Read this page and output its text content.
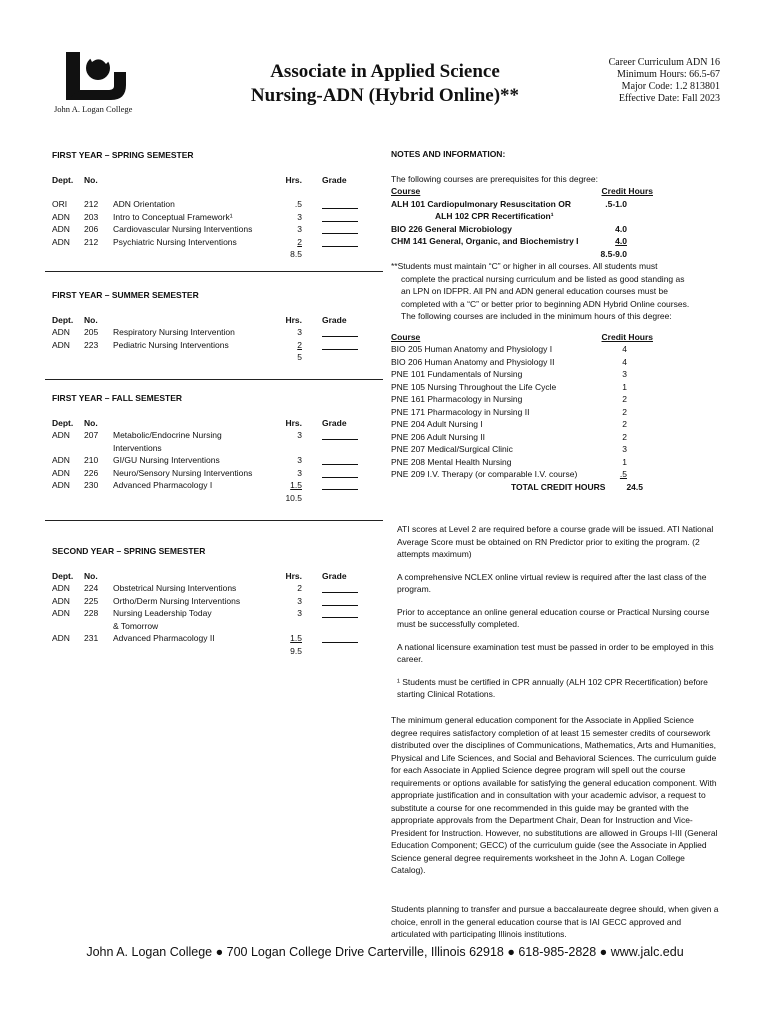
John A. Logan College
Associate in Applied Science
Nursing-ADN (Hybrid Online)**
Career Curriculum ADN 16
Minimum Hours: 66.5-67
Major Code: 1.2 813801
Effective Date: Fall 2023
FIRST YEAR – SPRING SEMESTER
Dept.	No.	Hrs. Grade
ORI	212	ADN Orientation	.5
ADN	203	Intro to Conceptual Framework¹	3
ADN	206	Cardiovascular Nursing Interventions	3
ADN	212	Psychiatric Nursing Interventions	2
8.5
FIRST YEAR – SUMMER SEMESTER
Dept.	No.	Hrs. Grade
ADN	205	Respiratory Nursing Intervention	3
ADN	223	Pediatric Nursing Interventions	2
5
FIRST YEAR – FALL SEMESTER
Dept.	No.	Hrs. Grade
ADN	207	Metabolic/Endocrine Nursing	3
Interventions
ADN	210	GI/GU Nursing Interventions	3
ADN	226	Neuro/Sensory Nursing Interventions	3
ADN	230	Advanced Pharmacology I	1.5
10.5
SECOND YEAR – SPRING SEMESTER
Dept.	No.	Hrs. Grade
ADN	224	Obstetrical Nursing Interventions	2
ADN	225	Ortho/Derm Nursing Interventions	3
ADN	228	Nursing Leadership Today	3
& Tomorrow
ADN	231	Advanced Pharmacology II	1.5
9.5
NOTES AND INFORMATION:
The following courses are prerequisites for this degree:
Course	Credit Hours
ALH 101 Cardiopulmonary Resuscitation OR	.5-1.0
ALH 102 CPR Recertification¹
BIO 226 General Microbiology	4.0
CHM 141 General, Organic, and Biochemistry I	4.0
8.5-9.0
**Students must maintain “C” or higher in all courses. All students must complete the practical nursing curriculum and be listed as good standing as an LPN on IDFPR. All PN and ADN general education courses must be completed with a “C” or better prior to beginning ADN Hybrid Online courses. The following courses are included in the minimum hours of this degree:
Course	Credit Hours
BIO 205 Human Anatomy and Physiology I	4
BIO 206 Human Anatomy and Physiology II	4
PNE 101 Fundamentals of Nursing	3
PNE 105 Nursing Throughout the Life Cycle	1
PNE 161 Pharmacology in Nursing	2
PNE 171 Pharmacology in Nursing II	2
PNE 204 Adult Nursing I	2
PNE 206 Adult Nursing II	2
PNE 207 Medical/Surgical Clinic	3
PNE 208 Mental Health Nursing	1
PNE 209 I.V. Therapy (or comparable I.V. course)	.5
TOTAL CREDIT HOURS 24.5
ATI scores at Level 2 are required before a course grade will be issued. ATI National Average Score must be obtained on RN Predictor prior to exiting the program. (2 attempts maximum)
A comprehensive NCLEX online virtual review is required after the last class of the program.
Prior to acceptance an online general education course or Practical Nursing course must be successfully completed.
A national licensure examination test must be passed in order to be employed in this career.
¹ Students must be certified in CPR annually (ALH 102 CPR Recertification) before starting Clinical Rotations.
The minimum general education component for the Associate in Applied Science degree requires satisfactory completion of at least 15 semester credits of coursework distributed over the disciplines of Communications, Mathematics, Arts and Humanities, Physical and Life Sciences, and Social and Behavioral Sciences. The curriculum guide for each Associate in Applied Science degree program will spell out the course requirements or options available for satisfying the general education component. With appropriate justification and in consultation with your academic advisor, a request to substitute a course for one recommended in this guide may be granted with the appropriate approvals from the Department Chair, Dean for Instruction and Vice-President for Instruction. However, no substitutions are allowed in Groups I-III (General Education Component; GECC) of the curriculum guide (see the Associate in Applied Science general degree requirements worksheet in the John A. Logan College Catalog).
Students planning to transfer and pursue a baccalaureate degree should, when given a choice, enroll in the general education course that is IAI GECC approved and articulated with participating Illinois institutions.
John A. Logan College ● 700 Logan College Drive Carterville, Illinois 62918 ● 618-985-2828 ● www.jalc.edu
